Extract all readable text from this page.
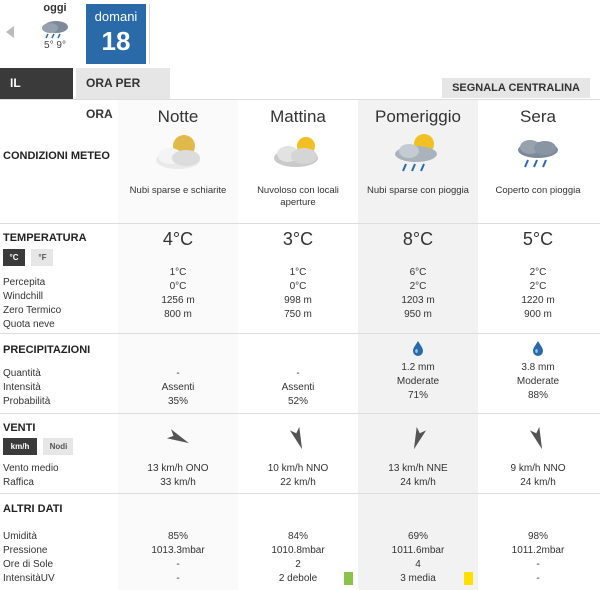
oggi
5° 9°
domani
18
IL GIORNO
ORA PER ORA
SEGNALA CENTRALINA
CONDIZIONI METEO
Notte
Nubi sparse e schiarite
Mattina
Nuvoloso con locali aperture
Pomeriggio
Nubi sparse con pioggia
Sera
Coperto con pioggia
TEMPERATURA
°C °F
Percepita
Windchill
Zero Termico
Quota neve
4°C
1°C
0°C
1256 m
800 m
3°C
1°C
0°C
998 m
750 m
8°C
6°C
2°C
1203 m
950 m
5°C
2°C
2°C
1220 m
900 m
PRECIPITAZIONI
Quantità
Intensità
Probabilità
-
Assenti
35%
-
Assenti
52%
1.2 mm
Moderate
71%
3.8 mm
Moderate
88%
VENTI
km/h	Nodi
Vento medio
Raffica
13 km/h ONO
33 km/h
10 km/h NNO
22 km/h
13 km/h NNE
24 km/h
9 km/h NNO
24 km/h
ALTRI DATI
Umidità
Pressione
Ore di Sole
IntensitàUV
85%
1013.3mbar
-
-
84%
1010.8mbar
2
2 debole
69%
1011.6mbar
4
3 media
98%
1011.2mbar
-
-
